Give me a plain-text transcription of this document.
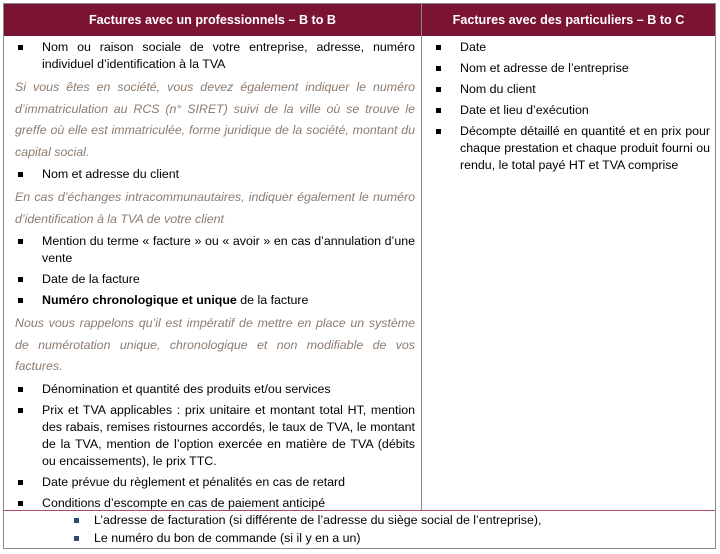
Factures avec un professionnels – B to B	Factures avec des particuliers – B to C
Nom ou raison sociale de votre entreprise, adresse, numéro individuel d’identification à la TVA
Si vous êtes en société, vous devez également indiquer le numéro d’immatriculation au RCS (n° SIRET) suivi de la ville où se trouve le greffe où elle est immatriculée, forme juridique de la société, montant du capital social.
Nom et adresse du client
En cas d’échanges intracommunautaires, indiquer également le numéro d’identification à la TVA de votre client
Mention du terme « facture » ou « avoir » en cas d’annulation d’une vente
Date de la facture
Numéro chronologique et unique de la facture
Nous vous rappelons qu’il est impératif de mettre en place un système de numérotation unique, chronologique et non modifiable de vos factures.
Dénomination et quantité des produits et/ou services
Prix et TVA applicables : prix unitaire et montant total HT, mention des rabais, remises ristournes accordés, le taux de TVA, le montant de la TVA, mention de l’option exercée en matière de TVA (débits ou encaissements), le prix TTC.
Date prévue du règlement et pénalités en cas de retard
Conditions d’escompte en cas de paiement anticipé
Date
Nom et adresse de l’entreprise
Nom du client
Date et lieu d’exécution
Décompte détaillé en quantité et en prix pour chaque prestation et chaque produit fourni ou rendu, le total payé HT et TVA comprise
L’adresse de facturation (si différente de l’adresse du siège social de l’entreprise),
Le numéro du bon de commande (si il y en a un)
